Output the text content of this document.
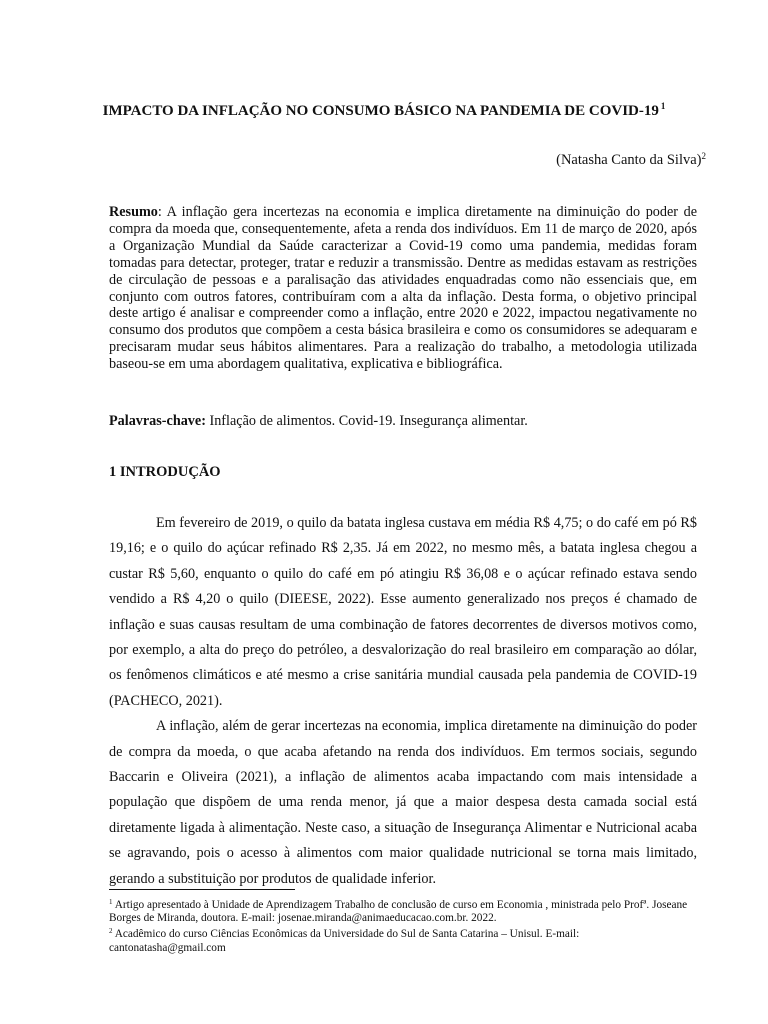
IMPACTO DA INFLAÇÃO NO CONSUMO BÁSICO NA PANDEMIA DE COVID-19 $^1$
(Natasha Canto da Silva)$^2$

Resumo: A inflação gera incertezas na economia e implica diretamente na diminuição do poder de compra da moeda que, consequentemente, afeta a renda dos indivíduos. Em 11 de março de 2020, após a Organização Mundial da Saúde caracterizar a Covid-19 como uma pandemia, medidas foram tomadas para detectar, proteger, tratar e reduzir a transmissão. Dentre as medidas estavam as restrições de circulação de pessoas e a paralisação das atividades enquadradas como não essenciais que, em conjunto com outros fatores, contribuíram com a alta da inflação. Desta forma, o objetivo principal deste artigo é analisar e compreender como a inflação, entre 2020 e 2022, impactou negativamente no consumo dos produtos que compõem a cesta básica brasileira e como os consumidores se adequaram e precisaram mudar seus hábitos alimentares. Para a realização do trabalho, a metodologia utilizada baseou-se em uma abordagem qualitativa, explicativa e bibliográfica.

Palavras-chave: Inflação de alimentos. Covid-19. Insegurança alimentar.

1 INTRODUÇÃO

Em fevereiro de 2019, o quilo da batata inglesa custava em média R$ 4,75; o do café em pó R$ 19,16; e o quilo do açúcar refinado R$ 2,35. Já em 2022, no mesmo mês, a batata inglesa chegou a custar R$ 5,60, enquanto o quilo do café em pó atingiu R$ 36,08 e o açúcar refinado estava sendo vendido a R$ 4,20 o quilo (DIEESE, 2022). Esse aumento generalizado nos preços é chamado de inflação e suas causas resultam de uma combinação de fatores decorrentes de diversos motivos como, por exemplo, a alta do preço do petróleo, a desvalorização do real brasileiro em comparação ao dólar, os fenômenos climáticos e até mesmo a crise sanitária mundial causada pela pandemia de COVID-19 (PACHECO, 2021).

A inflação, além de gerar incertezas na economia, implica diretamente na diminuição do poder de compra da moeda, o que acaba afetando na renda dos indivíduos. Em termos sociais, segundo Baccarin e Oliveira (2021), a inflação de alimentos acaba impactando com mais intensidade a população que dispõem de uma renda menor, já que a maior despesa desta camada social está diretamente ligada à alimentação. Neste caso, a situação de Insegurança Alimentar e Nutricional acaba se agravando, pois o acesso à alimentos com maior qualidade nutricional se torna mais limitado, gerando a substituição por produtos de qualidade inferior.

$^1$ Artigo apresentado à Unidade de Aprendizagem Trabalho de conclusão de curso em Economia , ministrada pelo Profª. Joseane Borges de Miranda, doutora. E-mail: josenae.miranda@animaeducacao.com.br. 2022.

$^2$ Acadêmico do curso Ciências Econômicas da Universidade do Sul de Santa Catarina – Unisul. E-mail: cantonatasha@gmail.com
